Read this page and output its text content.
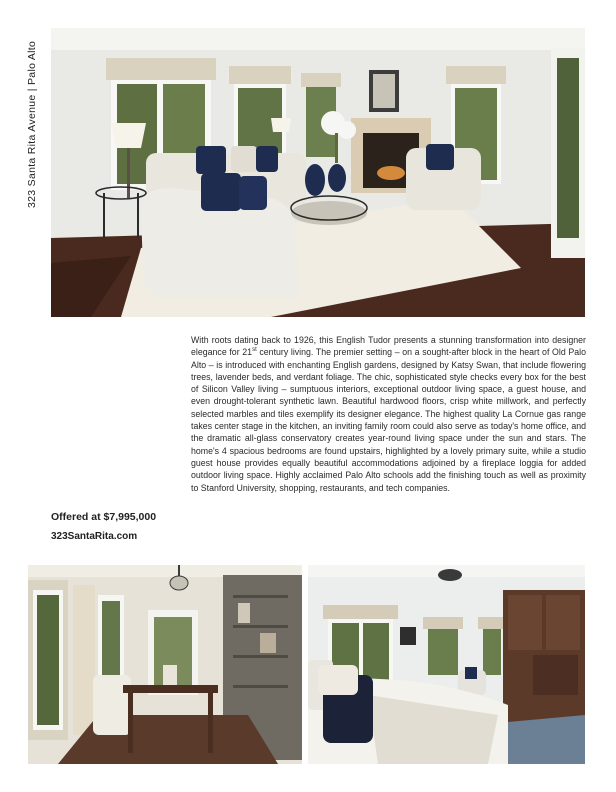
323 Santa Rita Avenue | Palo Alto
With roots dating back to 1926, this English Tudor presents a stunning transformation into designer elegance for 21st century living. The premier setting – on a sought-after block in the heart of Old Palo Alto – is introduced with enchanting English gardens, designed by Katsy Swan, that include flowering trees, lavender beds, and verdant foliage. The chic, sophisticated style checks every box for the best of Silicon Valley living – sumptuous interiors, exceptional outdoor living space, a guest house, and even drought-tolerant synthetic lawn. Beautiful hardwood floors, crisp white millwork, and perfectly selected marbles and tiles exemplify its designer elegance. The highest quality La Cornue gas range takes center stage in the kitchen, an inviting family room could also serve as today's home office, and the dramatic all-glass conservatory creates year-round living space under the sun and stars. The home's 4 spacious bedrooms are found upstairs, highlighted by a lovely primary suite, while a studio guest house provides equally beautiful accommodations adjoined by a fireplace loggia for added outdoor living space. Highly acclaimed Palo Alto schools add the finishing touch as well as proximity to Stanford University, shopping, restaurants, and tech companies.
Offered at $7,995,000
323SantaRita.com
